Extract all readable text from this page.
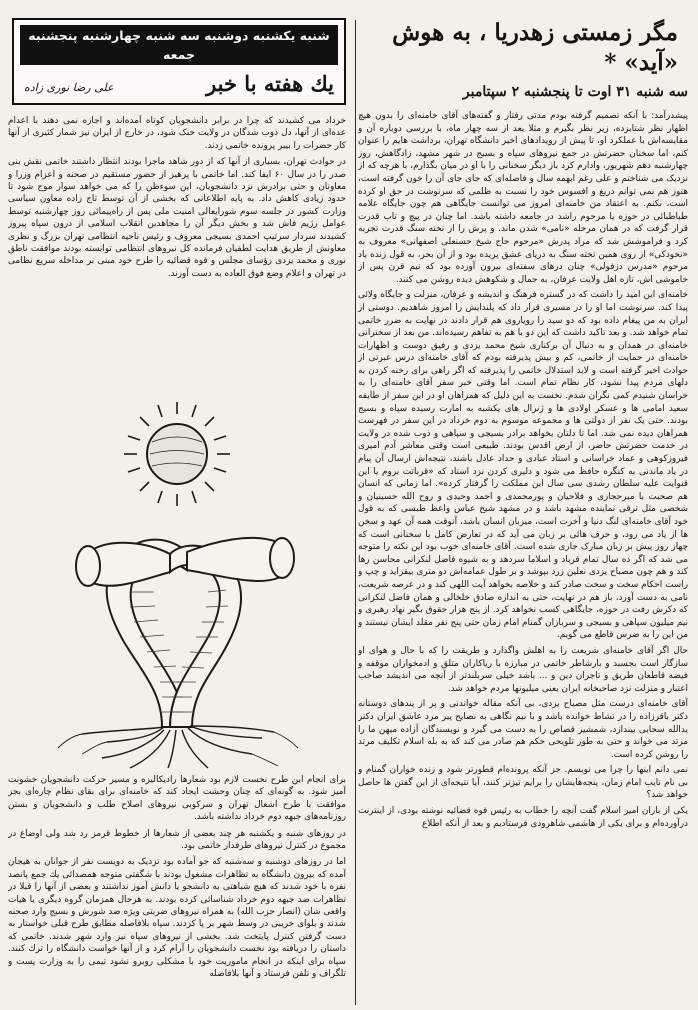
مگر زمستی زهدریا ، به هوش «آید» *
سه شنبه ۳۱ اوت تا پنجشنبه ۲ سپتامبر

پیشدرآمد: با آنکه تصمیم گرفته بودم مدتی رفتار و گفته‌های آقای خامنه‌ای را بدون هیچ اظهار نظر شتابزده، زیر نظر بگیرم و مثلا بعد از سه چهار ماه، با بررسی دوباره آن و مقایسه‌اش با عملکرد او، تا پیش از رویدادهای اخیر دانشگاه تهران، برداشت هایم را عنوان کنم، اما سخنان حضرتش در جمع نیروهای سپاه و بسیج در شهر مشهد، زادگاهش، روز چهارشنبه دهم شهریور، وادارم کرد باز دیگر سخنانی را با او در میان بگذارم، با هرچه که از نزدیک می شناختم و علی رغم ابهمه سال و فاصله‌ای که جای جای آن را خون گرفته است، هنوز هم نمی توانم دریغ و افسوس خود را نسبت به ظلمی که سرنوشت در حق او کرده است، نکنم. به اعتقاد من خامنه‌ای امروز می توانست جایگاهی هم چون جایگاه علامه طباطبائی در حوزه یا مرحوم راشد در جامعه داشته باشد. اما چنان در پیچ و تاب قدرت قرار گرفت که در همان مرحله «نامی» شدن ماند. و پرش را از تخته سنگ قدرت تجربه کرد و فراموشش شد که مراد پدرش «مرحوم حاج شیخ حسنعلی اصفهانی» معروف به «نخودکی» از روی همین تخته سنگ به دریای عشق پریده بود و از آن بحر، به قول زنده یاد مرحوم «مدرس دزفولی» چنان درهای سفته‌ای بیرون آورده بود که نیم قرن پس از خاموشی اش، تازه اهل ولایت عرفان، به جمال و شکوهش دیده روشن می کنند.

خامنه‌ای این امید را داشت که در گستره فرهنگ و اندیشه و عرفان، منزلت و جایگاه ولائی پیدا کند. سرنوشت اما او را در مسیری قرار داد که پلندایش را امروز شاهدیم. دوستی از ایران به من پیغام داده بود که دو سید را رویاروی هم قرار دادند در نهایت به ضرر خاتمی تمام خواهد شد. و بعد تاکید داشت که این دو با هم به تفاهم رسیده‌اند. من بعد از سخنرانی خامنه‌ای در همدان و به دنبال آن برکناری شیخ محمد یزدی و رفیق دوست و اظهارات خامنه‌ای در حمایت از خاتمی، کم و بیش پذیرفته بودم که آقای خامنه‌ای درس عبرتی از حوادث اخیر گرفته است و لابد استدلال خاتمی را پذیرفته که اگر راهی برای رخنه کردن به دلهای مردم پیدا نشود، کار نظام تمام است. اما وقتی خبر سفر آقای خامنه‌ای را به خراسان شنیدم کمی نگران شدم. نخست به این دلیل که همراهان او در این سفر از طایفه سعید امامی ها و عسکر اولادی ها و ژنرال های یکشبه به امارت رسیده سپاه و بسیج بودند. حتی یک نفر از دولتی ها و مجموعه موسوم به دوم خرداد در این سفر در فهرست همراهان دیده نمی شد. اما تا دلتان بخواهد برادر بسیجی و سپاهی و ذوب شده در ولایت در خدمت حضرتش حاضر، از ارض اقدس بودند. طبیعی است وقتی معاشر آدم امیری فیروزکوهی و عماد خراسانی و استاد عبادی و حداد عادل باشند، نتیجه‌اش ارسال آن پیام در یاد ماندنی به کنگره حافظ می شود و دلیری کردن نزد استاد که «قرباتت بروم یا این قنوایت علیه سلطان رشدی سی سال این مملکت را گرفتار کرده». اما زمانی که انسان هم صحبت با میرحجازی و فلاحیان و پورمحمدی و احمد وحیدی و روح الله حسینیان و شخصی مثل ترقی نماینده مشهد باشد و در مشهد شیخ عباس واعظ طبسی که به قول خود آقای خامنه‌ای لنگ دنیا و آخرت است، میزبان انسان باشد، آنوقت همه آن عهد و سخن ها از یاد می رود، و حرف هائی بر زبان می آید که در تعارض کامل با سخنانی است که چهار روز پیش بر زبان مبارک جاری شده است. آقای خامنه‌ای خوب بود این نکته را متوجه می شد که اگر ده سال تمام قرباد و اسلاما سردهد و به شیوه فاضل لنکرانی محاسن رها کند و هم چون مصباح یزدی نعلین زرد بپوشد و بر طول عمامه‌اش دو متری بیفزاید و چپ و راست احکام سخت و سخت صادر کند و خلاصه بخواهد آیت اللهی کند و در عرصه شریعت، نامی به دست آورد، باز هم در نهایت، حتی به اندازه صادق خلخالی و همان فاضل لنکرانی که دکرش رفت در حوزه، جایگاهی کسب نخواهد کرد. از پنج هزار حقوق بگیر نهاد رهبری و نیم میلیون سپاهی و بسیجی و سربازان گمنام امام زمان حتی پنج نفر مقلد ایشان نیستند و من این را به ضرس قاطع می گویم.

حال اگر آقای خامنه‌ای شریعت را به اهلش واگذارد و طریقت را که با حال و هوای او سازگار است بجسبد و بارشاطر خاتمی در مبارزه با ریاکاران متلق و ادمخواران موقفه و فیضه قاطعان طریق و تاجران دین و ... باشد خیلی سربلندتر از آنچه می اندیشد صاحب اعتبار و منزلت نزد صاحبخانه ایران یعنی میلیونها مردم خواهد شد.

آقای خامنه‌ای درست مثل مصباح یزدی، بی آنکه مقاله خواندنی و پر از پندهای دوستانه دکتر باقرزاده را در نشاط خوانده باشد و با نیم نگاهی به نصایح پیر مرد عاشق ایران دکتر یدالله سحابی بیندازد، شمشیر قصاص را به دست می گیرد و نویسندگان آزاده میهن ما را مرتد می خواند و حتی به طور تلویحی حکم هم صادر می کند که به بله اسلام تکلیف مرتد را روشن کرده است.

نمی دانم اینها را چرا می نویسم. جز آنکه پرونده‌ام قطورتر شود و زنده خواران گمنام و بی نام نایب امام زمان، پنجه‌هایشان را برایم تیزتر کنند، آیا نتیجه‌ای از این گفتن ها حاصل خواهد شد؟

یکی از باران امیر اسلام گفت آنچه را خطاب به رئیس قوه قضائیه نوشته بودی، از اینترنت درآورده‌ام و برای یکی از هاشمی شاهرودی فرستادیم و بعد از آنکه اطلاع

شنبه یکشنبه دوشنبه سه شنبه چهارشنبه پنجشنبه جمعه
یك هفته با خبر
علی رضا نوری زاده

خرداد می کشیدند که چرا در برابر دانشجویان کوتاه آمده‌اند و اجازه نمی دهند با اعدام عده‌ای از آنها، دل ذوب شدگان در ولایت خنک شود، در خارج از ایران نیز شمار کثیری از آنها کار حضرات را بیبر پرونده خاتمی زدند.

در حوادث تهران، بسیاری از آنها که از دور شاهد ماجرا بودند انتظار داشتند خاتمی نقش بنی صدر را در سال ۶۰ ایفا کند. اما خاتمی با پرهیز از حضور مستقیم در صحنه و اعزام وزرا و معاونان و حتی برادرش نزد دانشجویان، این سوءظن را که می خواهد سوار موج شود تا حدود زیادی کاهش داد. به پایه اطلاعاتی که بخشی از آن توسط تاج زاده معاون سیاسی وزارت کشور در جلسه سوم شورایعالی امنیت ملی پس از راه‌پیمائی روز چهارشنبه توسط عوامل رژیم فاش شد و بخش دیگر آن را مجاهدین انقلاب اسلامی از درون سپاه پیروز کشیدند سردار سرتیپ احمدی بسیجی معروف و رئیس ناحیه انتظامی تهران بزرگ و نظری معاونش از طریق هدایت لطفیان فرمانده کل نیروهای انتظامی توانسته بودند موافقت ناطق نوری و محمد یزدی رؤسای مجلس و قوه قضائیه را طرح خود مبنی بر مداخله سریع نظامی در تهران و اعلام وضع فوق العاده به دست آورند.

برای انجام این طرح نخست لازم بود شعارها رادیکالیزه و مسیر حرکت دانشجویان خشونت آمیز شود. به گونه‌ای که چنان وحشت ایجاد کند که خامنه‌ای برای بقای نظام چاره‌ای بجز موافقت با طرح اشغال تهران و سرکوبی نیروهای اصلاح طلب و دانشجویان و بستن روزنامه‌های جبهه دوم خرداد نداشته باشد.

در روزهای شنبه و یکشنبه هر چند بعضی از شعارها از خطوط قرمز رد شد ولی اوضاع در مجموع در کنترل نیروهای طرفدار خاتمی بود.

اما در روزهای دوشنبه و سه‌شنبه که جو آماده بود تزدیک به دویست نفر از جوانان به هیجان آمده که بیرون دانشگاه به تظاهرات مشغول بودند با شگفتی متوجه همصدائی یك جمع پانصد نفره با خود شدند که هیچ شباهتی به دانشجو یا دانش آموز نداشتند و بعضی از آنها را قبلا در تظاهرات ضد جبهه دوم خرداد شناسائی کرده بودند. به هرحال همزمان گروه دیگری یا هیات واقعی شان (انصار حزب الله) به همراه نیروهای ضربتی ویژه ضد شورش و بسیج وارد صحنه شدند و بلوای خریبی در وسط شهر بر پا کردند. سپاه بلافاصله مطابق طرح قبلی خواستار به دست گرفتن کنترل پایتخت شد. بخشی از نیروهای سپاه نیز وارد شهر شدند. خاتمی که داستان را دریافته بود نخست دانشجویان را آرام کرد و از آنها خواست دانشگاه را ترك کنند. سپاه برای اینکه در انجام ماموریت خود با مشکلی روبرو نشود تیمی را به وزارت پست و تلگراف و تلفن فرستاد و آنها بلافاصله
